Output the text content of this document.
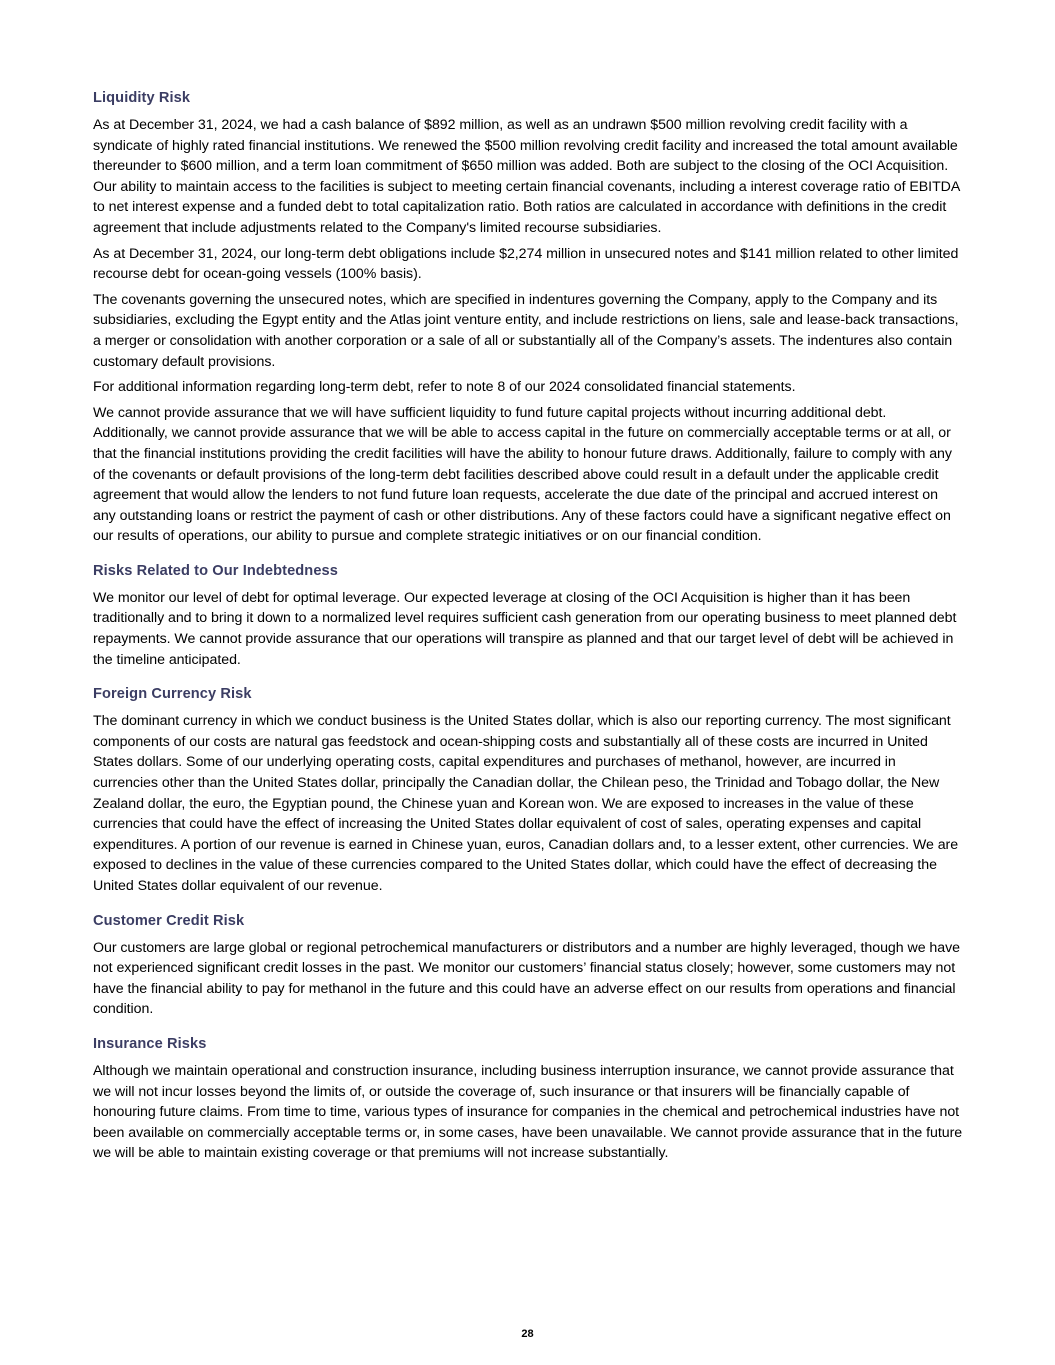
Liquidity Risk

As at December 31, 2024, we had a cash balance of $892 million, as well as an undrawn $500 million revolving credit facility with a syndicate of highly rated financial institutions. We renewed the $500 million revolving credit facility and increased the total amount available thereunder to $600 million, and a term loan commitment of $650 million was added. Both are subject to the closing of the OCI Acquisition. Our ability to maintain access to the facilities is subject to meeting certain financial covenants, including a interest coverage ratio of EBITDA to net interest expense and a funded debt to total capitalization ratio. Both ratios are calculated in accordance with definitions in the credit agreement that include adjustments related to the Company's limited recourse subsidiaries.

As at December 31, 2024, our long-term debt obligations include $2,274 million in unsecured notes and $141 million related to other limited recourse debt for ocean-going vessels (100% basis).

The covenants governing the unsecured notes, which are specified in indentures governing the Company, apply to the Company and its subsidiaries, excluding the Egypt entity and the Atlas joint venture entity, and include restrictions on liens, sale and lease-back transactions, a merger or consolidation with another corporation or a sale of all or substantially all of the Company’s assets. The indentures also contain customary default provisions.

For additional information regarding long-term debt, refer to note 8 of our 2024 consolidated financial statements.

We cannot provide assurance that we will have sufficient liquidity to fund future capital projects without incurring additional debt. Additionally, we cannot provide assurance that we will be able to access capital in the future on commercially acceptable terms or at all, or that the financial institutions providing the credit facilities will have the ability to honour future draws. Additionally, failure to comply with any of the covenants or default provisions of the long-term debt facilities described above could result in a default under the applicable credit agreement that would allow the lenders to not fund future loan requests, accelerate the due date of the principal and accrued interest on any outstanding loans or restrict the payment of cash or other distributions. Any of these factors could have a significant negative effect on our results of operations, our ability to pursue and complete strategic initiatives or on our financial condition.

Risks Related to Our Indebtedness

We monitor our level of debt for optimal leverage. Our expected leverage at closing of the OCI Acquisition is higher than it has been traditionally and to bring it down to a normalized level requires sufficient cash generation from our operating business to meet planned debt repayments. We cannot provide assurance that our operations will transpire as planned and that our target level of debt will be achieved in the timeline anticipated.

Foreign Currency Risk

The dominant currency in which we conduct business is the United States dollar, which is also our reporting currency. The most significant components of our costs are natural gas feedstock and ocean-shipping costs and substantially all of these costs are incurred in United States dollars. Some of our underlying operating costs, capital expenditures and purchases of methanol, however, are incurred in currencies other than the United States dollar, principally the Canadian dollar, the Chilean peso, the Trinidad and Tobago dollar, the New Zealand dollar, the euro, the Egyptian pound, the Chinese yuan and Korean won. We are exposed to increases in the value of these currencies that could have the effect of increasing the United States dollar equivalent of cost of sales, operating expenses and capital expenditures. A portion of our revenue is earned in Chinese yuan, euros, Canadian dollars and, to a lesser extent, other currencies. We are exposed to declines in the value of these currencies compared to the United States dollar, which could have the effect of decreasing the United States dollar equivalent of our revenue.

Customer Credit Risk

Our customers are large global or regional petrochemical manufacturers or distributors and a number are highly leveraged, though we have not experienced significant credit losses in the past. We monitor our customers’ financial status closely; however, some customers may not have the financial ability to pay for methanol in the future and this could have an adverse effect on our results from operations and financial condition.

Insurance Risks

Although we maintain operational and construction insurance, including business interruption insurance, we cannot provide assurance that we will not incur losses beyond the limits of, or outside the coverage of, such insurance or that insurers will be financially capable of honouring future claims. From time to time, various types of insurance for companies in the chemical and petrochemical industries have not been available on commercially acceptable terms or, in some cases, have been unavailable. We cannot provide assurance that in the future we will be able to maintain existing coverage or that premiums will not increase substantially.

28
